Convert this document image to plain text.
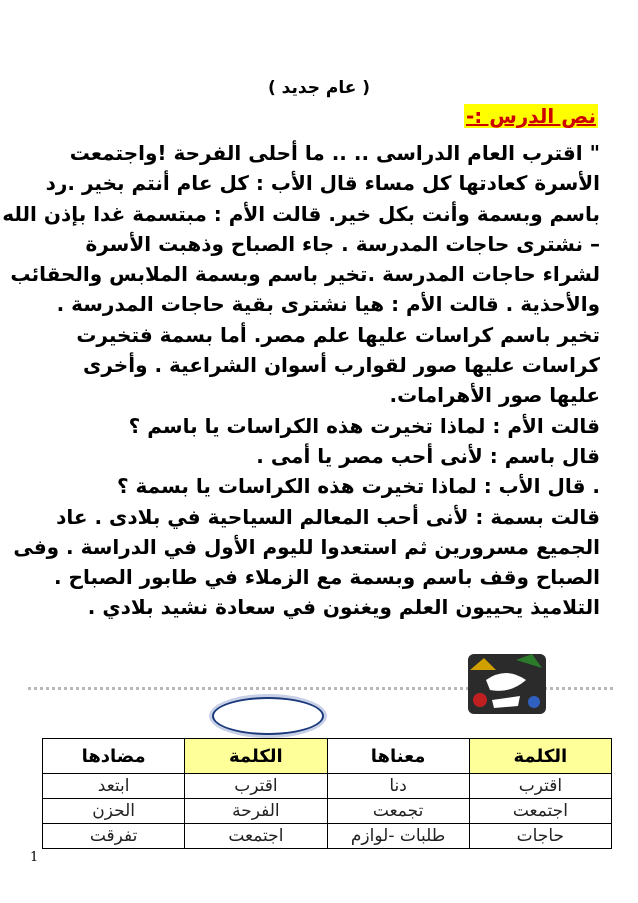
( عام جديد )
نص الدرس :-
" اقترب العام الدراسى .. .. ما أحلى الفرحة !واجتمعت
الأسرة كعادتها كل مساء قال الأب : كل عام أنتم بخير .رد
باسم وبسمة وأنت بكل خير. قالت الأم : مبتسمة غدا بإذن الله
– نشترى حاجات المدرسة . جاء الصباح وذهبت الأسرة
لشراء حاجات المدرسة .تخير باسم وبسمة الملابس والحقائب
والأحذية . قالت الأم : هيا نشترى بقية حاجات المدرسة .
تخير باسم كراسات عليها علم مصر. أما بسمة فتخيرت
كراسات عليها صور لقوارب أسوان الشراعية . وأخرى
عليها صور الأهرامات.
قالت الأم : لماذا تخيرت هذه الكراسات يا باسم ؟
قال باسم : لأنى أحب مصر يا أمى .
. قال الأب : لماذا تخيرت هذه الكراسات يا بسمة ؟
قالت بسمة : لأنى أحب المعالم السياحية في بلادى . عاد
الجميع مسرورين ثم استعدوا لليوم الأول في الدراسة . وفى
الصباح وقف باسم وبسمة مع الزملاء في طابور الصباح .
التلاميذ يحييون العلم ويغنون في سعادة نشيد بلادي .
الكلمة	معناها	الكلمة	مضادها
اقترب	دنا	اقترب	ابتعد
اجتمعت	تجمعت	الفرحة	الحزن
حاجات	طلبات -لوازم	اجتمعت	تفرقت
1
